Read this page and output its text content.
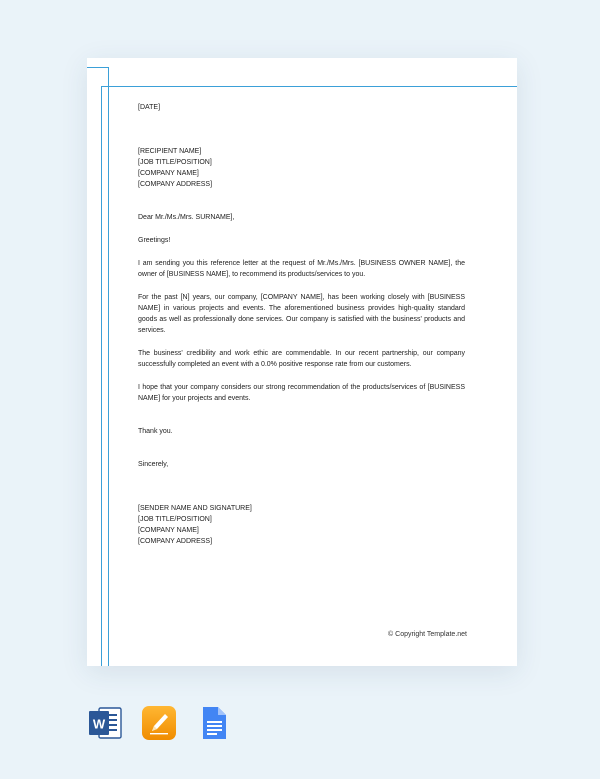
[DATE]

[RECIPIENT NAME]
[JOB TITLE/POSITION]
[COMPANY NAME]
[COMPANY ADDRESS]

Dear Mr./Ms./Mrs. SURNAME],

Greetings!

I am sending you this reference letter at the request of Mr./Ms./Mrs. [BUSINESS OWNER NAME], the owner of [BUSINESS NAME], to recommend its products/services to you.

For the past [N] years, our company, [COMPANY NAME], has been working closely with [BUSINESS NAME] in various projects and events. The aforementioned business provides high-quality standard goods as well as professionally done services. Our company is satisfied with the business' products and services.

The business' credibility and work ethic are commendable. In our recent partnership, our company successfully completed an event with a 0.0% positive response rate from our customers.

I hope that your company considers our strong recommendation of the products/services of [BUSINESS NAME] for your projects and events.

Thank you.

Sincerely,

[SENDER NAME AND SIGNATURE]
[JOB TITLE/POSITION]
[COMPANY NAME]
[COMPANY ADDRESS]
© Copyright Template.net
W
